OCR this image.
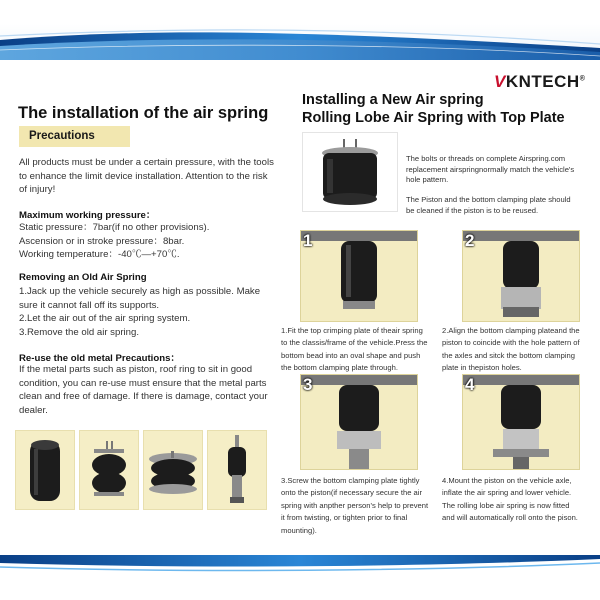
VKNTECH®
The installation of the air spring
Precautions
All products must be under a certain pressure, with the tools
to enhance the limit device installation. Attention to the risk
of injury!
Maximum working pressure：
Static pressure：7bar(if no other provisions).
Ascension or in stroke pressure：8bar.
Working temperature：-40℃—+70℃.
Removing an Old Air Spring
1.Jack up the vehicle securely as high as possible. Make
sure it cannot fall off its supports.
2.Let the air out of the air spring system.
3.Remove the old air spring.
Re-use the old metal Precautions：
If the metal parts such as piston, roof ring to sit in good
condition, you can re-use must ensure that the metal parts
clean and free of damage. If there is damage, contact your
dealer.
Installing a New Air spring
Rolling Lobe Air Spring with Top Plate
The bolts or threads on complete Airspring.com
replacement airspringnormally match the vehicle's
hole pattern.
The Piston and the bottom clamping plate should
be cleaned if the piston is to be reused.
1
1.Fit the top crimping plate of theair spring
to the classis/frame of the vehicle.Press the
bottom bead into an oval shape and push
the bottom clamping plate through.
2
2.Align the bottom clamping plateand the
piston to coincide with the hole pattern of
the axles and sitck the bottom clamping
plate in thepiston holes.
3
3.Screw the bottom clamping plate tightly
onto the piston(if necessary secure the air
spring with anpther person's help to prevent
it from twisting, or tighten prior to final
mounting).
4
4.Mount the piston on the vehicle axle,
inflate the air spring and lower vehicle.
The rolling lobe air spring is now fitted
and will automatically roll onto the pison.
